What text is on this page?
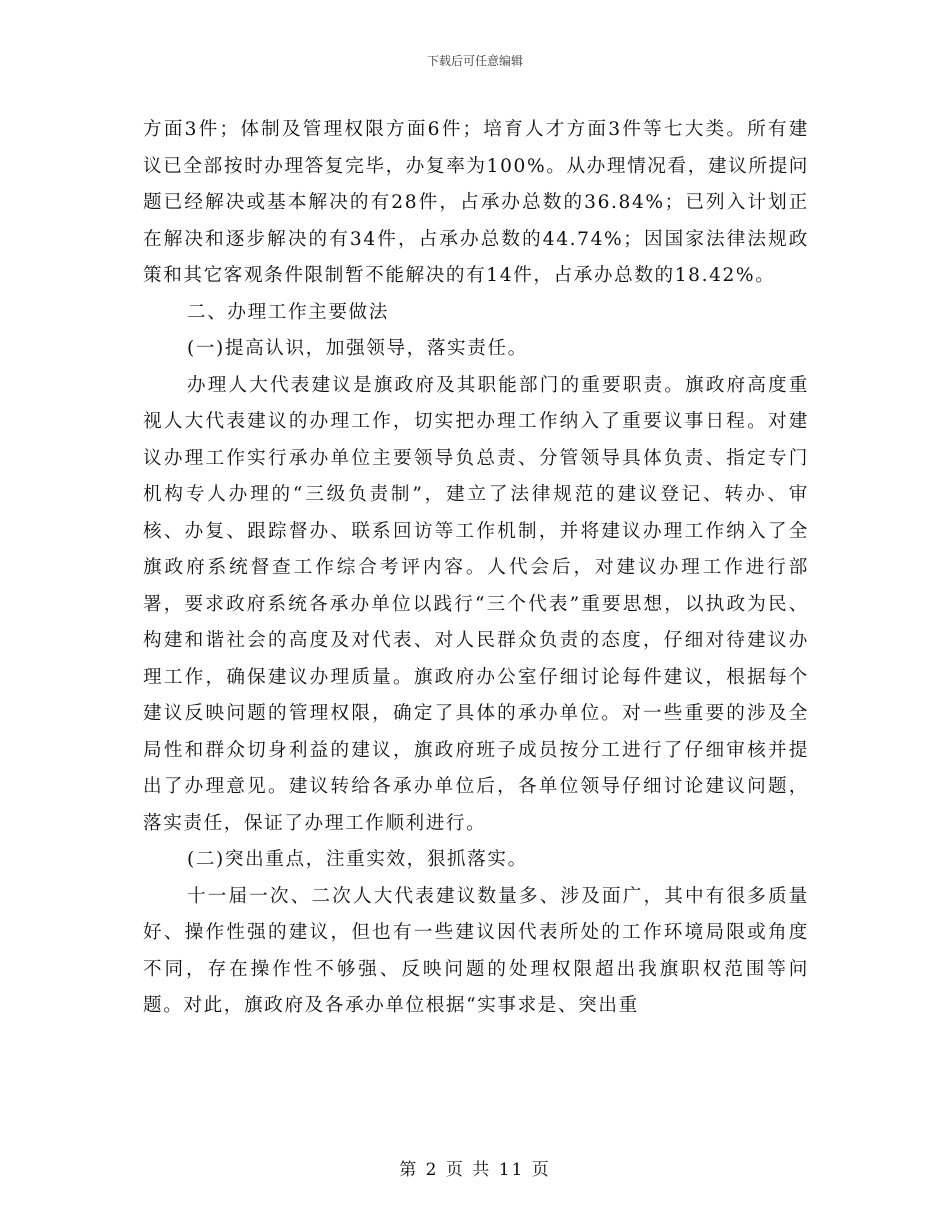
下载后可任意编辑

方面3件；体制及管理权限方面6件；培育人才方面3件等七大类。所有建议已全部按时办理答复完毕，办复率为100%。从办理情况看，建议所提问题已经解决或基本解决的有28件，占承办总数的36.84%；已列入计划正在解决和逐步解决的有34件，占承办总数的44.74%；因国家法律法规政策和其它客观条件限制暂不能解决的有14件，占承办总数的18.42%。

二、办理工作主要做法

(一)提高认识，加强领导，落实责任。

办理人大代表建议是旗政府及其职能部门的重要职责。旗政府高度重视人大代表建议的办理工作，切实把办理工作纳入了重要议事日程。对建议办理工作实行承办单位主要领导负总责、分管领导具体负责、指定专门机构专人办理的“三级负责制”，建立了法律规范的建议登记、转办、审核、办复、跟踪督办、联系回访等工作机制，并将建议办理工作纳入了全旗政府系统督查工作综合考评内容。人代会后，对建议办理工作进行部署，要求政府系统各承办单位以践行“三个代表”重要思想，以执政为民、构建和谐社会的高度及对代表、对人民群众负责的态度，仔细对待建议办理工作，确保建议办理质量。旗政府办公室仔细讨论每件建议，根据每个建议反映问题的管理权限，确定了具体的承办单位。对一些重要的涉及全局性和群众切身利益的建议，旗政府班子成员按分工进行了仔细审核并提出了办理意见。建议转给各承办单位后，各单位领导仔细讨论建议问题，落实责任，保证了办理工作顺利进行。

(二)突出重点，注重实效，狠抓落实。

十一届一次、二次人大代表建议数量多、涉及面广，其中有很多质量好、操作性强的建议，但也有一些建议因代表所处的工作环境局限或角度不同，存在操作性不够强、反映问题的处理权限超出我旗职权范围等问题。对此，旗政府及各承办单位根据“实事求是、突出重

第 2 页 共 11 页
